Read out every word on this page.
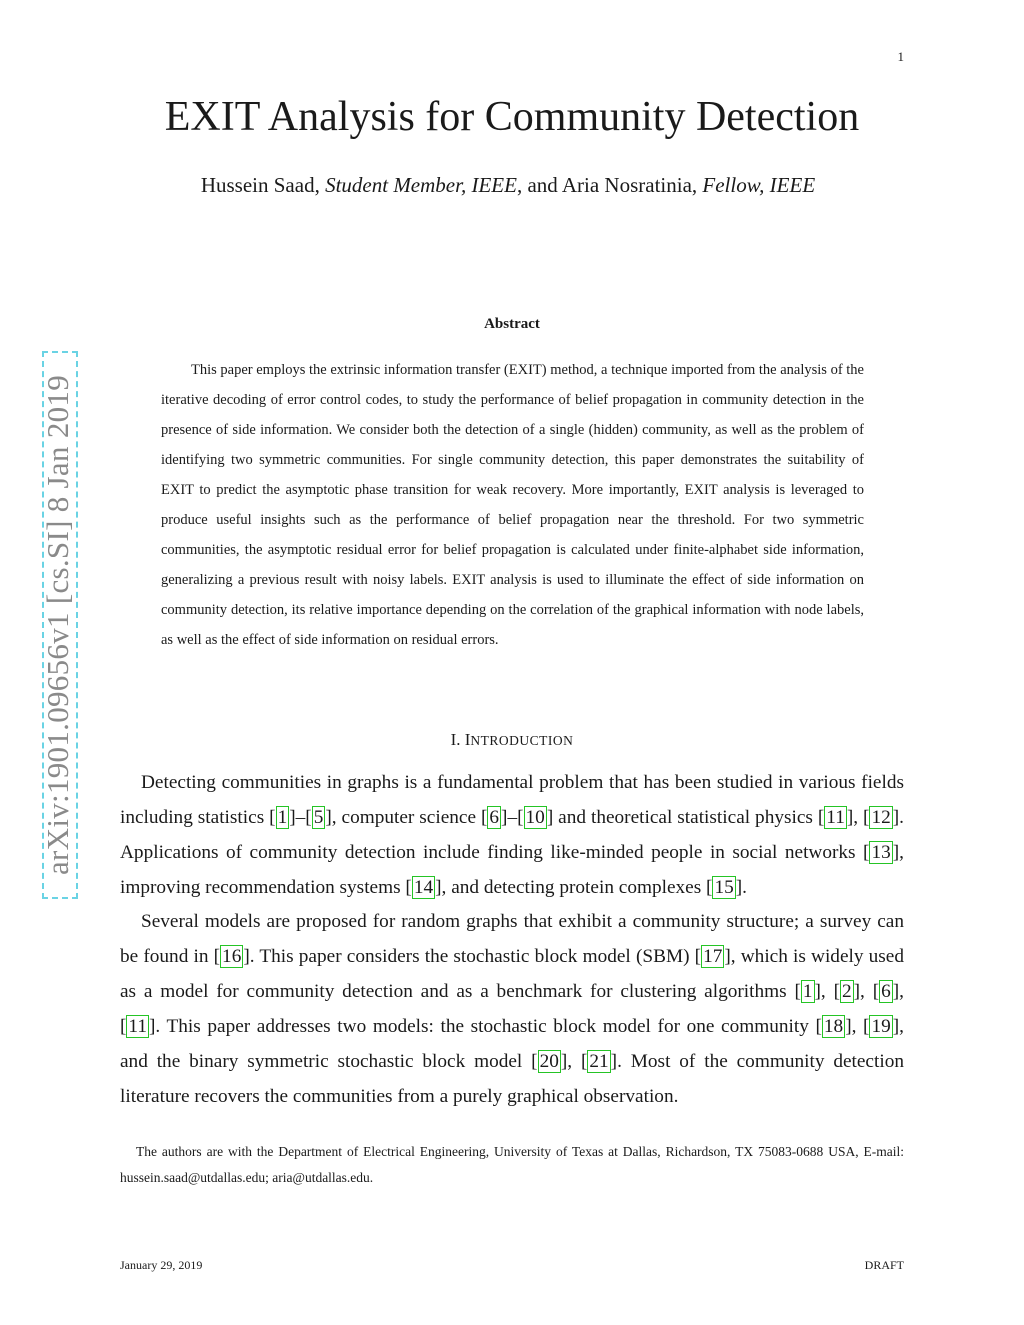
1
arXiv:1901.09656v1[cs.SI]8 Jan 2019
EXIT Analysis for Community Detection
Hussein Saad, Student Member, IEEE, and Aria Nosratinia, Fellow, IEEE
Abstract
This paper employs the extrinsic information transfer (EXIT) method, a technique imported from the analysis of the iterative decoding of error control codes, to study the performance of belief propagation in community detection in the presence of side information. We consider both the detection of a single (hidden) community, as well as the problem of identifying two symmetric communities. For single community detection, this paper demonstrates the suitability of EXIT to predict the asymptotic phase transition for weak recovery. More importantly, EXIT analysis is leveraged to produce useful insights such as the performance of belief propagation near the threshold. For two symmetric communities, the asymptotic residual error for belief propagation is calculated under finite-alphabet side information, generalizing a previous result with noisy labels. EXIT analysis is used to illuminate the effect of side information on community detection, its relative importance depending on the correlation of the graphical information with node labels, as well as the effect of side information on residual errors.
I. INTRODUCTION

Detecting communities in graphs is a fundamental problem that has been studied in various fields including statistics [ 1 ]–[ 5 ], computer science [ 6 ]–[ 10 ] and theoretical statistical physics [ 11 ], [ 12 ]. Applications of community detection include finding like-minded people in social networks [ 13 ], improving recommendation systems [ 14 ], and detecting protein complexes [ 15 ].

Several models are proposed for random graphs that exhibit a community structure; a survey can be found in [ 16 ]. This paper considers the stochastic block model (SBM) [ 17 ], which is widely used as a model for community detection and as a benchmark for clustering algorithms [ 1 ], [ 2 ], [ 6 ], [ 11 ]. This paper addresses two models: the stochastic block model for one community [ 18 ], [ 19 ], and the binary symmetric stochastic block model [ 20 ], [ 21 ]. Most of the community detection literature recovers the communities from a purely graphical observation.

The authors are with the Department of Electrical Engineering, University of Texas at Dallas, Richardson, TX 75083-0688 USA, E-mail: hussein.saad@utdallas.edu; aria@utdallas.edu.
January 29, 2019	DRAFT
